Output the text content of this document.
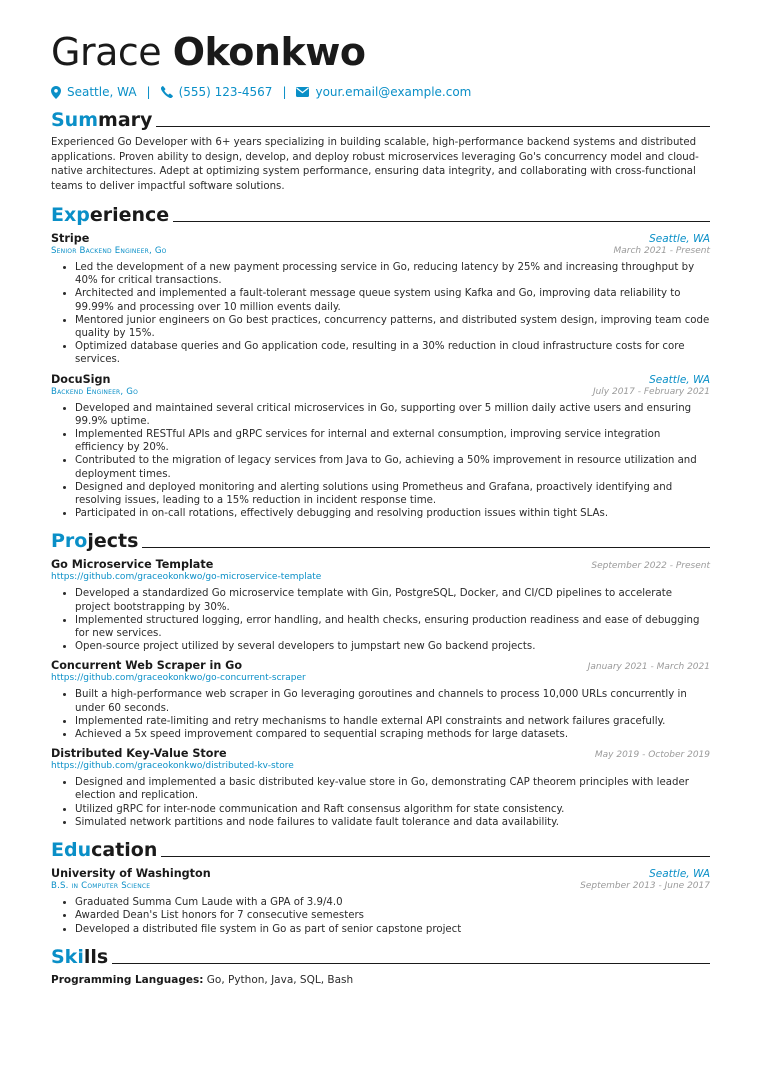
Grace Okonkwo
Seattle, WA | (555) 123-4567 | your.email@example.com
Summary
Experienced Go Developer with 6+ years specializing in building scalable, high-performance backend systems and distributed applications. Proven ability to design, develop, and deploy robust microservices leveraging Go's concurrency model and cloud-native architectures. Adept at optimizing system performance, ensuring data integrity, and collaborating with cross-functional teams to deliver impactful software solutions.
Experience
Stripe	Seattle, WA
Senior Backend Engineer, Go	March 2021 - Present
• Led the development of a new payment processing service in Go, reducing latency by 25% and increasing throughput by 40% for critical transactions.
• Architected and implemented a fault-tolerant message queue system using Kafka and Go, improving data reliability to 99.99% and processing over 10 million events daily.
• Mentored junior engineers on Go best practices, concurrency patterns, and distributed system design, improving team code quality by 15%.
• Optimized database queries and Go application code, resulting in a 30% reduction in cloud infrastructure costs for core services.
DocuSign	Seattle, WA
Backend Engineer, Go	July 2017 - February 2021
• Developed and maintained several critical microservices in Go, supporting over 5 million daily active users and ensuring 99.9% uptime.
• Implemented RESTful APIs and gRPC services for internal and external consumption, improving service integration efficiency by 20%.
• Contributed to the migration of legacy services from Java to Go, achieving a 50% improvement in resource utilization and deployment times.
• Designed and deployed monitoring and alerting solutions using Prometheus and Grafana, proactively identifying and resolving issues, leading to a 15% reduction in incident response time.
• Participated in on-call rotations, effectively debugging and resolving production issues within tight SLAs.
Projects
Go Microservice Template	September 2022 - Present
https://github.com/graceokonkwo/go-microservice-template
• Developed a standardized Go microservice template with Gin, PostgreSQL, Docker, and CI/CD pipelines to accelerate project bootstrapping by 30%.
• Implemented structured logging, error handling, and health checks, ensuring production readiness and ease of debugging for new services.
• Open-source project utilized by several developers to jumpstart new Go backend projects.
Concurrent Web Scraper in Go	January 2021 - March 2021
https://github.com/graceokonkwo/go-concurrent-scraper
• Built a high-performance web scraper in Go leveraging goroutines and channels to process 10,000 URLs concurrently in under 60 seconds.
• Implemented rate-limiting and retry mechanisms to handle external API constraints and network failures gracefully.
• Achieved a 5x speed improvement compared to sequential scraping methods for large datasets.
Distributed Key-Value Store	May 2019 - October 2019
https://github.com/graceokonkwo/distributed-kv-store
• Designed and implemented a basic distributed key-value store in Go, demonstrating CAP theorem principles with leader election and replication.
• Utilized gRPC for inter-node communication and Raft consensus algorithm for state consistency.
• Simulated network partitions and node failures to validate fault tolerance and data availability.
Education
University of Washington	Seattle, WA
B.S. in Computer Science	September 2013 - June 2017
• Graduated Summa Cum Laude with a GPA of 3.9/4.0
• Awarded Dean's List honors for 7 consecutive semesters
• Developed a distributed file system in Go as part of senior capstone project
Skills
Programming Languages: Go, Python, Java, SQL, Bash
